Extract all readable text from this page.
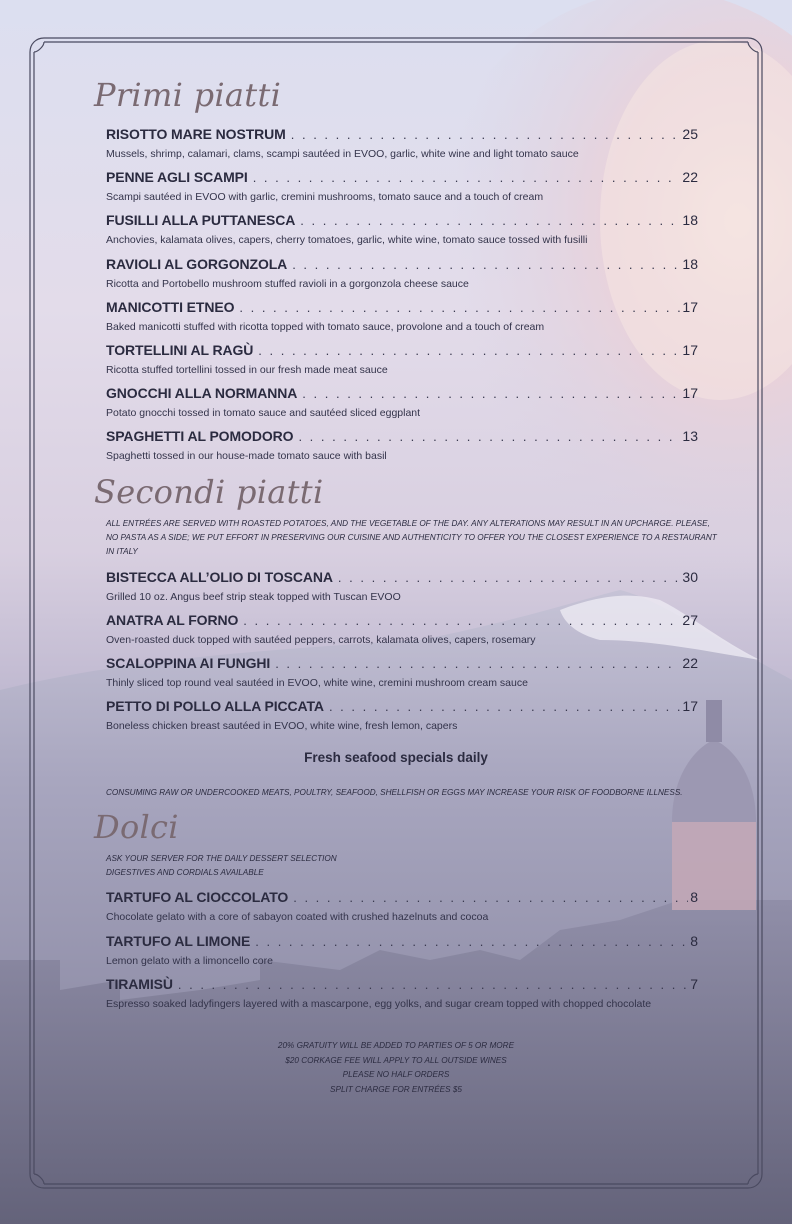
Primi piatti
RISOTTO MARE NOSTRUM . . .	25
Mussels, shrimp, calamari, clams, scampi sautéed in EVOO, garlic, white wine and light tomato sauce
PENNE AGLI SCAMPI . . .	22
Scampi sautéed in EVOO with garlic, cremini mushrooms, tomato sauce and a touch of cream
FUSILLI ALLA PUTTANESCA . . .	18
Anchovies, kalamata olives, capers, cherry tomatoes, garlic, white wine, tomato sauce tossed with fusilli
RAVIOLI AL GORGONZOLA . . .	18
Ricotta and Portobello mushroom stuffed ravioli in a gorgonzola cheese sauce
MANICOTTI ETNEO . . .	17
Baked manicotti stuffed with ricotta topped with tomato sauce, provolone and a touch of cream
TORTELLINI AL RAGÙ . . .	17
Ricotta stuffed tortellini tossed in our fresh made meat sauce
GNOCCHI ALLA NORMANNA . . .	17
Potato gnocchi tossed in tomato sauce and sautéed sliced eggplant
SPAGHETTI AL POMODORO . . .	13
Spaghetti tossed in our house-made tomato sauce with basil
Secondi piatti
ALL ENTRÉES ARE SERVED WITH ROASTED POTATOES, AND THE VEGETABLE OF THE DAY. ANY ALTERATIONS MAY RESULT IN AN UPCHARGE. PLEASE,
NO PASTA AS A SIDE; WE PUT EFFORT IN PRESERVING OUR CUISINE AND AUTHENTICITY TO OFFER YOU THE CLOSEST EXPERIENCE TO A RESTAURANT
IN ITALY
BISTECCA ALL’OLIO DI TOSCANA . . .	30
Grilled 10 oz. Angus beef strip steak topped with Tuscan EVOO
ANATRA AL FORNO . . .	27
Oven-roasted duck topped with sautéed peppers, carrots, kalamata olives, capers, rosemary
SCALOPPINA AI FUNGHI . . .	22
Thinly sliced top round veal sautéed in EVOO, white wine, cremini mushroom cream sauce
PETTO DI POLLO ALLA PICCATA . . .	17
Boneless chicken breast sautéed in EVOO, white wine, fresh lemon, capers
Fresh seafood specials daily
CONSUMING RAW OR UNDERCOOKED MEATS, POULTRY, SEAFOOD, SHELLFISH OR EGGS MAY INCREASE YOUR RISK OF FOODBORNE ILLNESS.
Dolci
ASK YOUR SERVER FOR THE DAILY DESSERT SELECTION
DIGESTIVES AND CORDIALS AVAILABLE
TARTUFO AL CIOCCOLATO . . .	8
Chocolate gelato with a core of sabayon coated with crushed hazelnuts and cocoa
TARTUFO AL LIMONE . . .	8
Lemon gelato with a limoncello core
TIRAMISÙ . . .	7
Espresso soaked ladyfingers layered with a mascarpone, egg yolks, and sugar cream topped with chopped chocolate
20% GRATUITY WILL BE ADDED TO PARTIES OF 5 OR MORE
$20 CORKAGE FEE WILL APPLY TO ALL OUTSIDE WINES
PLEASE NO HALF ORDERS
SPLIT CHARGE FOR ENTRÉES $5
